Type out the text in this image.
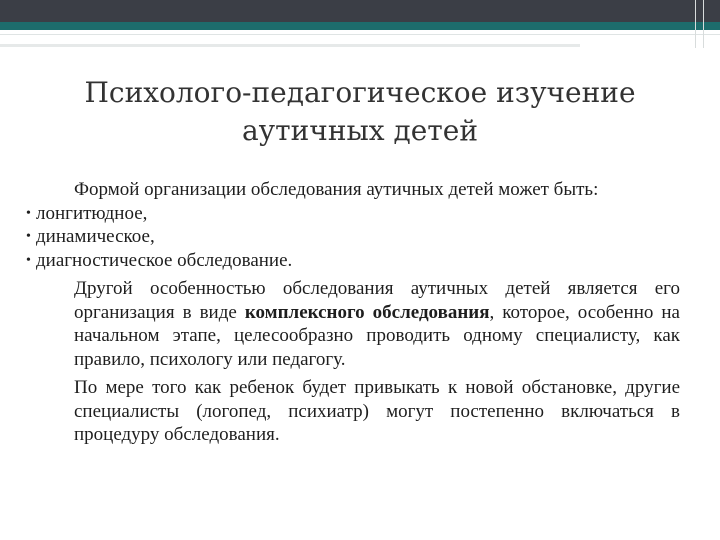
Психолого-педагогическое изучение
аутичных детей
Формой организации обследования аутичных детей может быть:
• лонгитюдное,
• динамическое,
• диагностическое обследование.
Другой особенностью обследования аутичных детей является его организация в виде комплексного обследования, которое, особенно на начальном этапе, целесообразно проводить одному специалисту, как правило, психологу или педагогу.
По мере того как ребенок будет привыкать к новой обстановке, другие специалисты (логопед, психиатр) могут постепенно включаться в процедуру обследования.
